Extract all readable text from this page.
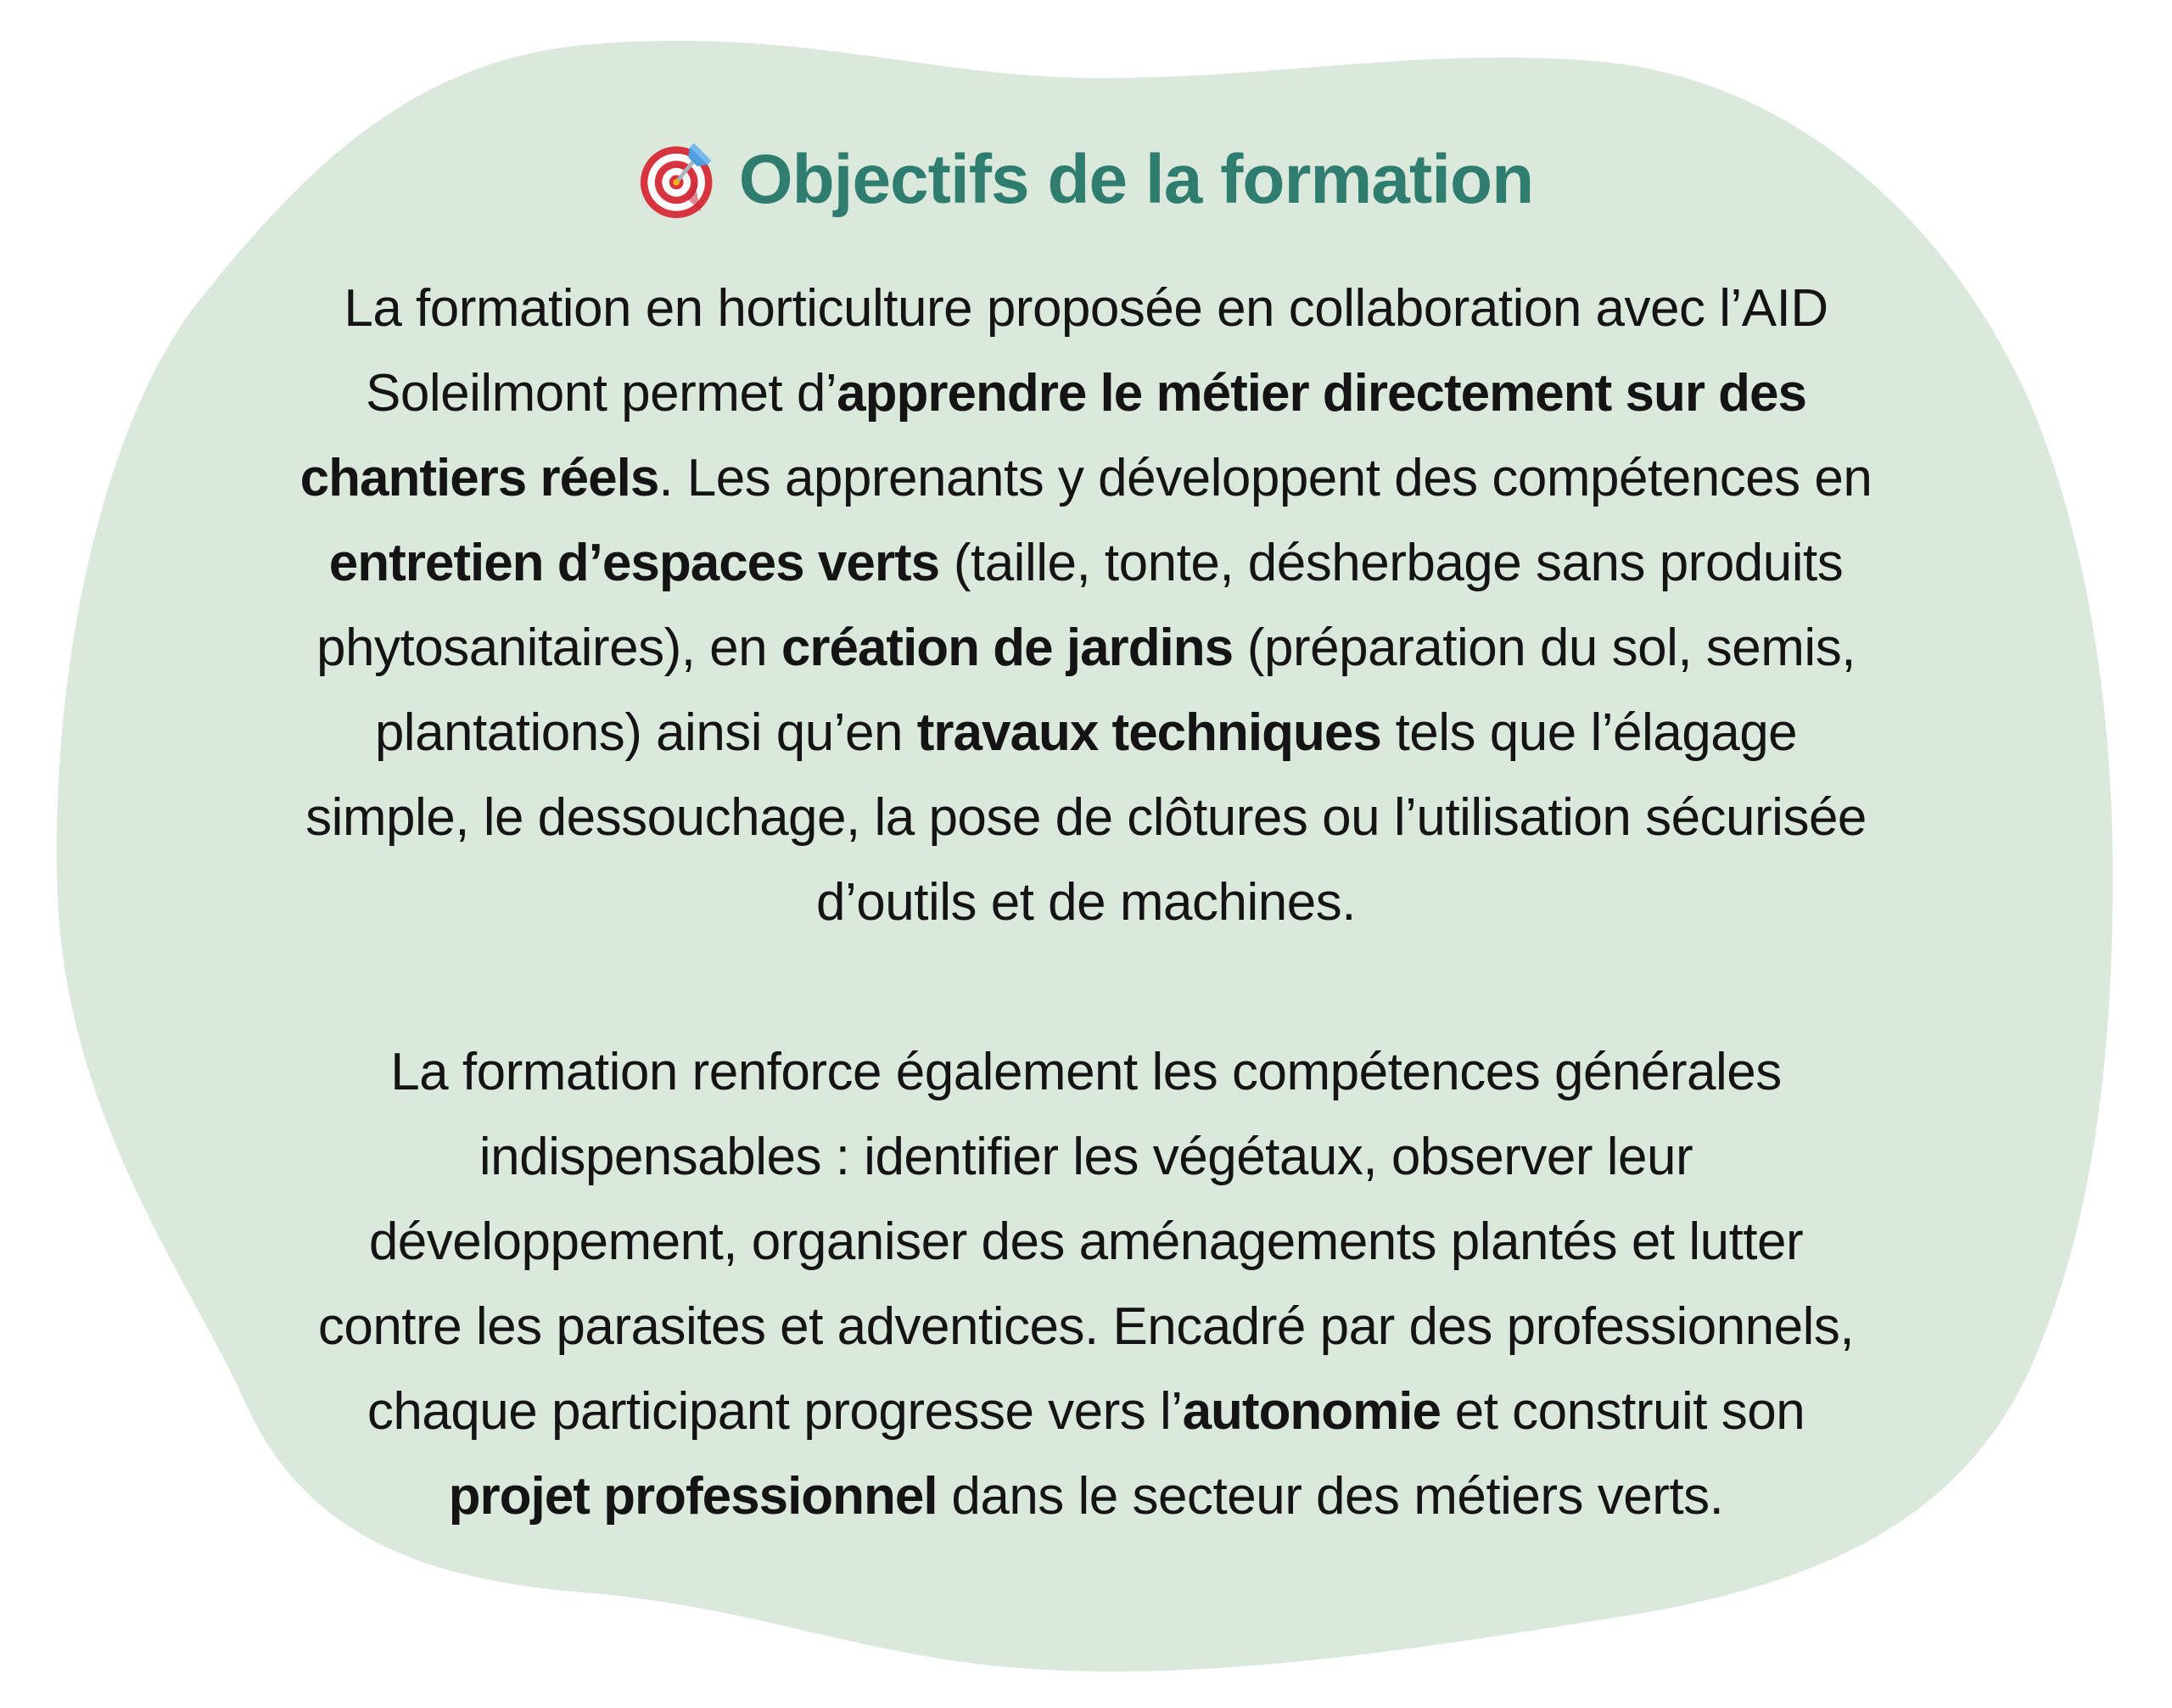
Objectifs de la formation

La formation en horticulture proposée en collaboration avec l’AID
Soleilmont permet d’apprendre le métier directement sur des
chantiers réels. Les apprenants y développent des compétences en
entretien d’espaces verts (taille, tonte, désherbage sans produits
phytosanitaires), en création de jardins (préparation du sol, semis,
plantations) ainsi qu’en travaux techniques tels que l’élagage
simple, le dessouchage, la pose de clôtures ou l’utilisation sécurisée
d’outils et de machines.

La formation renforce également les compétences générales
indispensables : identifier les végétaux, observer leur
développement, organiser des aménagements plantés et lutter
contre les parasites et adventices. Encadré par des professionnels,
chaque participant progresse vers l’autonomie et construit son
projet professionnel dans le secteur des métiers verts.
